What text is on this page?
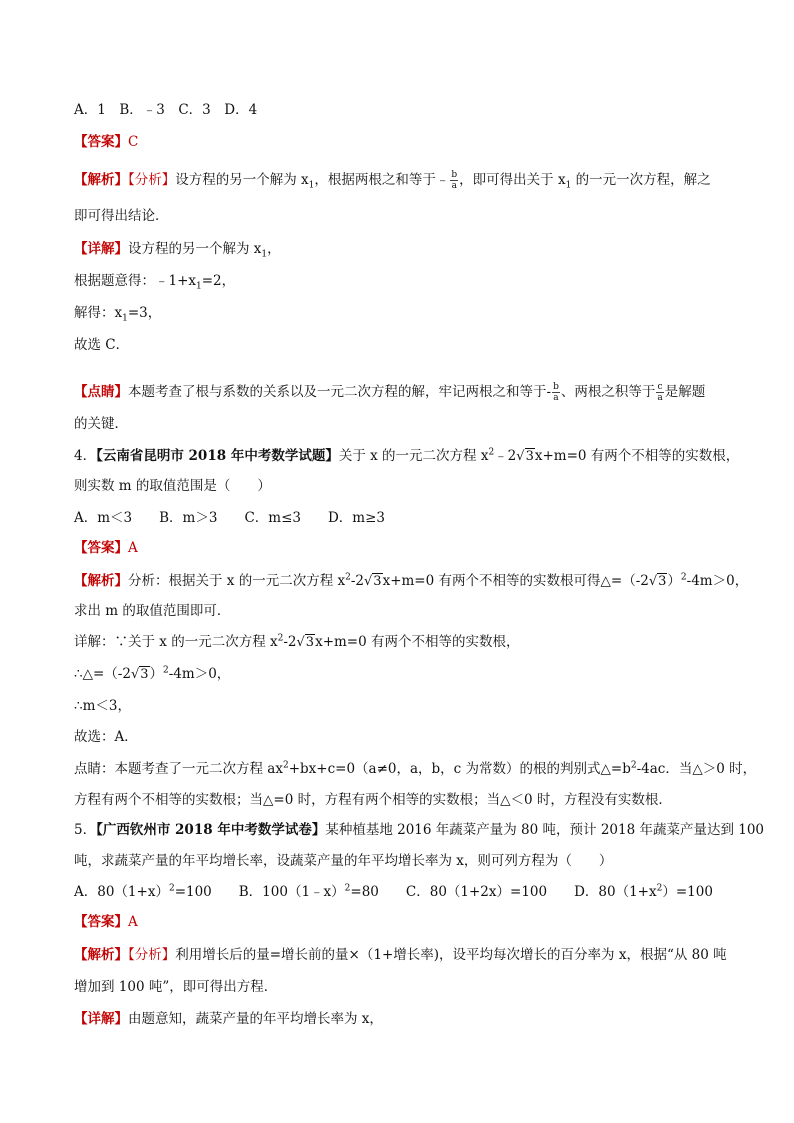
A．1　B．﹣3　C．3　D．4
【答案】C
【解析】【分析】设方程的另一个解为 $x_1$，根据两根之和等于﹣ $\frac{b}{a}$ ，即可得出关于 $x_1$ 的一元一次方程，解之
即可得出结论．
【详解】设方程的另一个解为 $x_1$，
根据题意得：$﹣1+x_1=2$，
解得：$x_1=3$，
故选 C．
【点睛】本题考查了根与系数的关系以及一元二次方程的解，牢记两根之和等于- $\frac{b}{a}$ 、两根之积等于 $\frac{c}{a}$ 是解题
的关键．
4．【云南省昆明市 2018 年中考数学试题】关于 x 的一元二次方程 $x^2﹣2√3x+m=0$ 有两个不相等的实数根，
则实数 m 的取值范围是（　　）
A．m＜3　　B．m＞3　　C．m≤3　　D．m≥3
【答案】A
【解析】分析：根据关于 x 的一元二次方程 $x^2-2√3x+m=0$ 有两个不相等的实数根可得$\triangle=(-2√3)^2-4m>0$，
求出 m 的取值范围即可．
详解：∵关于 x 的一元二次方程 $x^2-2√3x+m=0$ 有两个不相等的实数根，
$\therefore\triangle=(-2√3)^2-4m>0$，
∴m＜3，
故选：A．
点睛：本题考查了一元二次方程 $ax^2+bx+c=0(a\ne 0$，a，b，c 为常数）的根的判别式$\triangle=b^2-4ac$．当△＞0 时，
方程有两个不相等的实数根；当△=0 时，方程有两个相等的实数根；当△＜0 时，方程没有实数根．
5．【广西钦州市 2018 年中考数学试卷】某种植基地 2016 年蔬菜产量为 80 吨，预计 2018 年蔬菜产量达到 100
吨，求蔬菜产量的年平均增长率，设蔬菜产量的年平均增长率为 x，则可列方程为（　　）
A．$80(1+x)^2=100$　　B．100（1﹣x）$^2$=80　　C．80（1+2x）=100　　D．$80(1+x^2)=100$
【答案】A
【解析】【分析】利用增长后的量=增长前的量×（1+增长率)，设平均每次增长的百分率为 x，根据“从 80 吨
增加到 100 吨”，即可得出方程．
【详解】由题意知，蔬菜产量的年平均增长率为 x，
